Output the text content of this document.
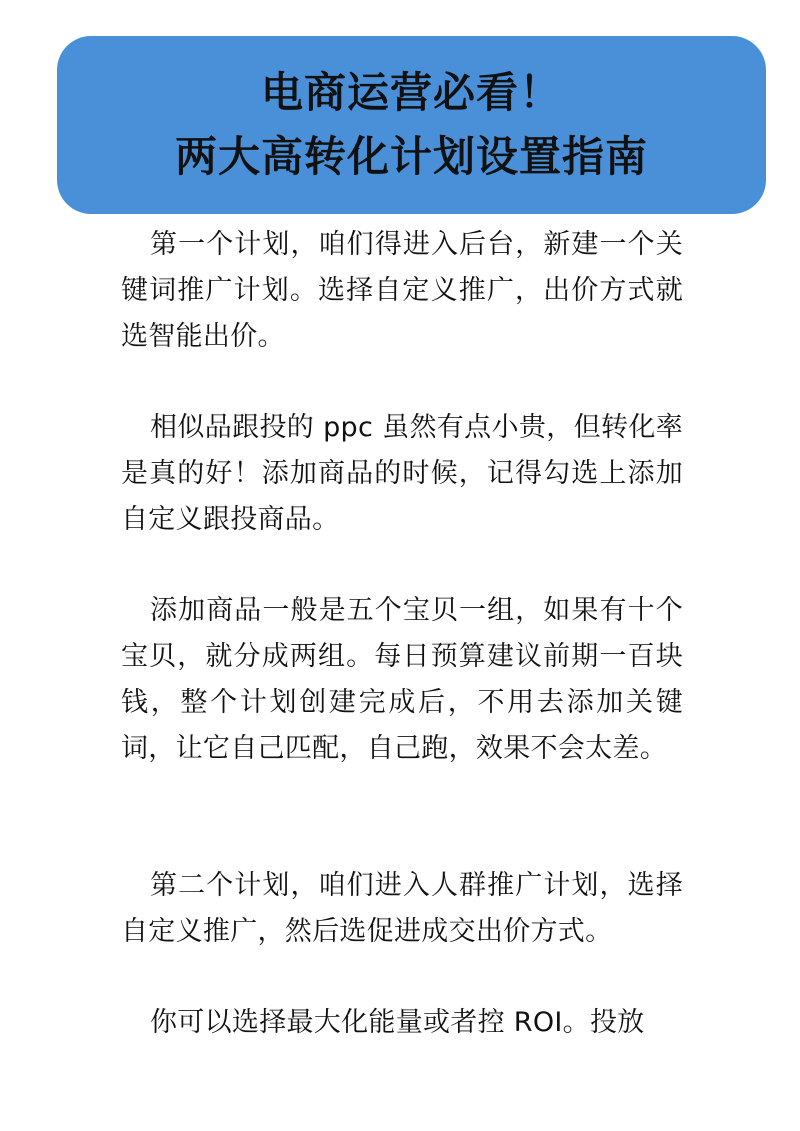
电商运营必看！
两大高转化计划设置指南

第一个计划，咱们得进入后台，新建一个关键词推广计划。选择自定义推广，出价方式就选智能出价。

相似品跟投的 ppc 虽然有点小贵，但转化率是真的好！添加商品的时候，记得勾选上添加自定义跟投商品。

添加商品一般是五个宝贝一组，如果有十个宝贝，就分成两组。每日预算建议前期一百块钱，整个计划创建完成后，不用去添加关键词，让它自己匹配，自己跑，效果不会太差。

第二个计划，咱们进入人群推广计划，选择自定义推广，然后选促进成交出价方式。

你可以选择最大化能量或者控 ROI。投放
